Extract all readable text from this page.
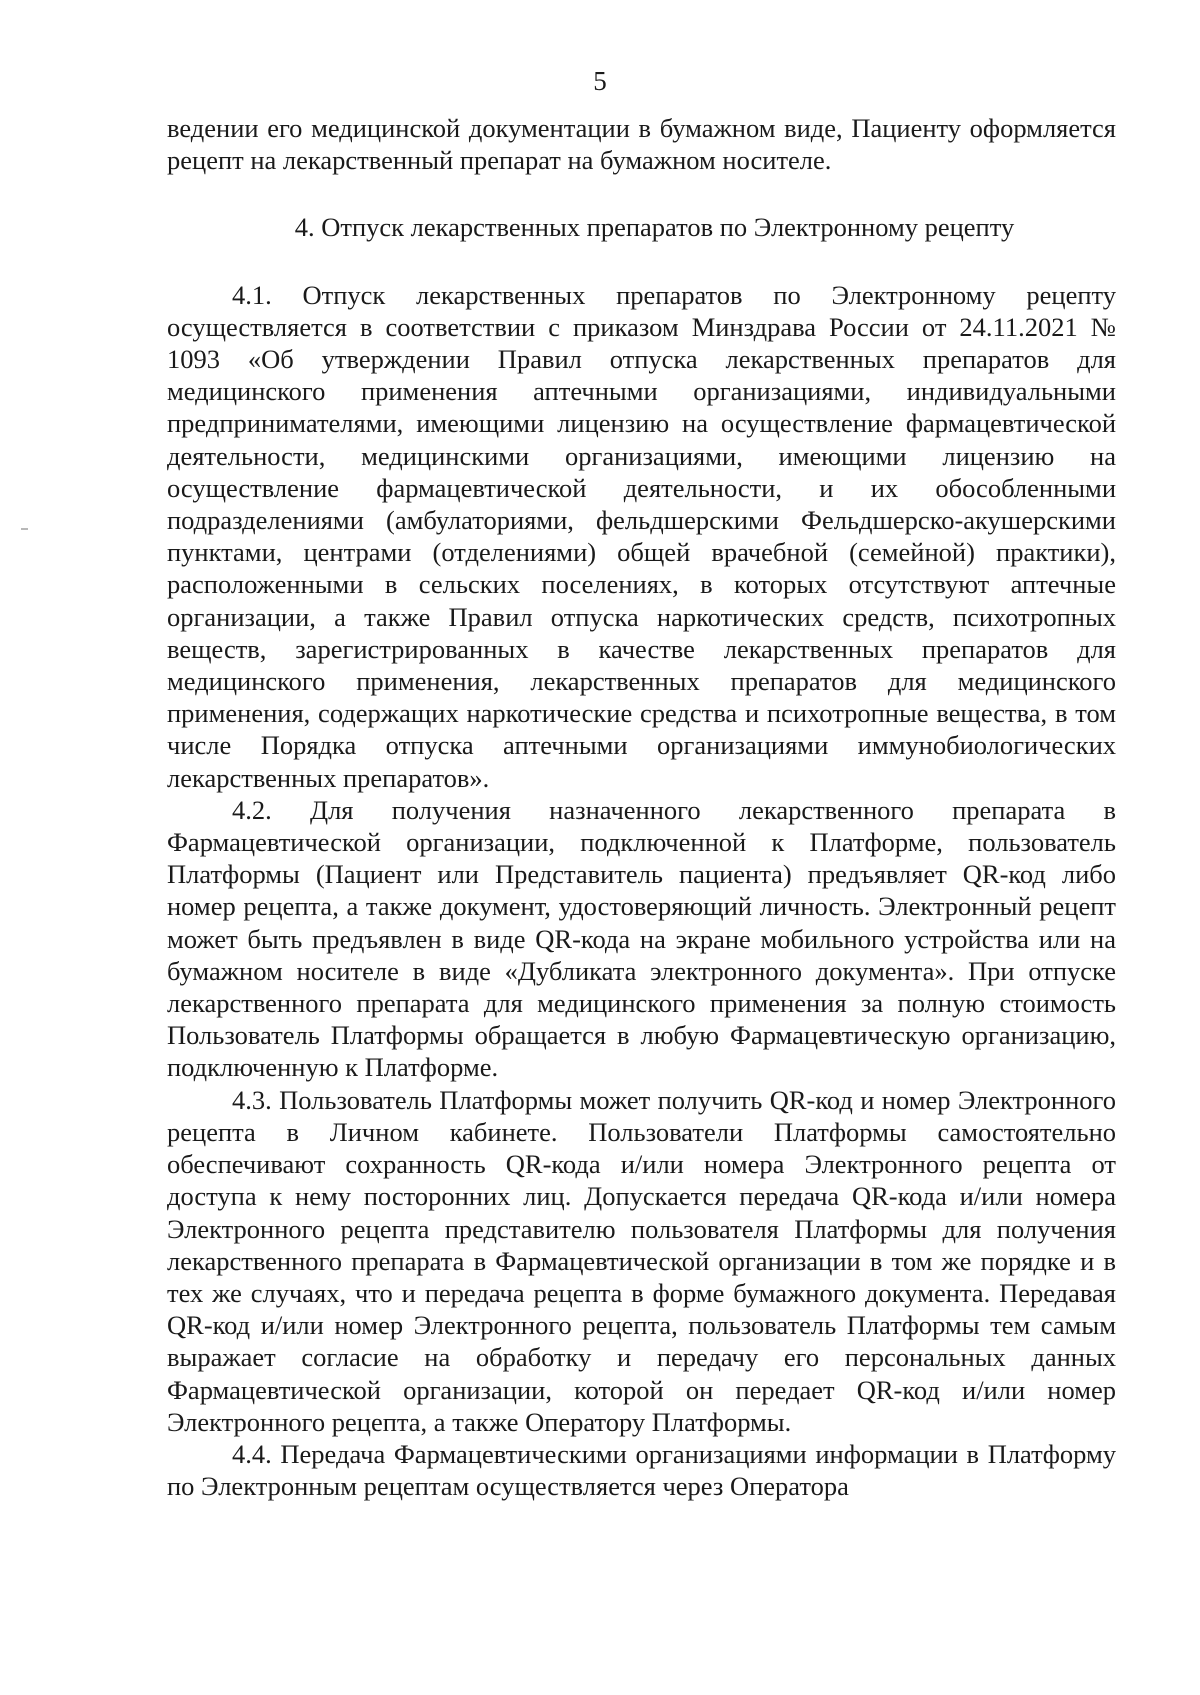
5

ведении его медицинской документации в бумажном виде, Пациенту оформляется рецепт на лекарственный препарат на бумажном носителе.

4. Отпуск лекарственных препаратов по Электронному рецепту

4.1. Отпуск лекарственных препаратов по Электронному рецепту осуществляется в соответствии с приказом Минздрава России от 24.11.2021 № 1093 «Об утверждении Правил отпуска лекарственных препаратов для медицинского применения аптечными организациями, индивидуальными предпринимателями, имеющими лицензию на осуществление фармацевтической деятельности, медицинскими организациями, имеющими лицензию на осуществление фармацевтической деятельности, и их обособленными подразделениями (амбулаториями, фельдшерскими Фельдшерско-акушерскими пунктами, центрами (отделениями) общей врачебной (семейной) практики), расположенными в сельских поселениях, в которых отсутствуют аптечные организации, а также Правил отпуска наркотических средств, психотропных веществ, зарегистрированных в качестве лекарственных препаратов для медицинского применения, лекарственных препаратов для медицинского применения, содержащих наркотические средства и психотропные вещества, в том числе Порядка отпуска аптечными организациями иммунобиологических лекарственных препаратов».

4.2. Для получения назначенного лекарственного препарата в Фармацевтической организации, подключенной к Платформе, пользователь Платформы (Пациент или Представитель пациента) предъявляет QR-код либо номер рецепта, а также документ, удостоверяющий личность. Электронный рецепт может быть предъявлен в виде QR-кода на экране мобильного устройства или на бумажном носителе в виде «Дубликата электронного документа». При отпуске лекарственного препарата для медицинского применения за полную стоимость Пользователь Платформы обращается в любую Фармацевтическую организацию, подключенную к Платформе.

4.3. Пользователь Платформы может получить QR-код и номер Электронного рецепта в Личном кабинете. Пользователи Платформы самостоятельно обеспечивают сохранность QR-кода и/или номера Электронного рецепта от доступа к нему посторонних лиц. Допускается передача QR-кода и/или номера Электронного рецепта представителю пользователя Платформы для получения лекарственного препарата в Фармацевтической организации в том же порядке и в тех же случаях, что и передача рецепта в форме бумажного документа. Передавая QR-код и/или номер Электронного рецепта, пользователь Платформы тем самым выражает согласие на обработку и передачу его персональных данных Фармацевтической организации, которой он передает QR-код и/или номер Электронного рецепта, а также Оператору Платформы.

4.4. Передача Фармацевтическими организациями информации в Платформу по Электронным рецептам осуществляется через Оператора
